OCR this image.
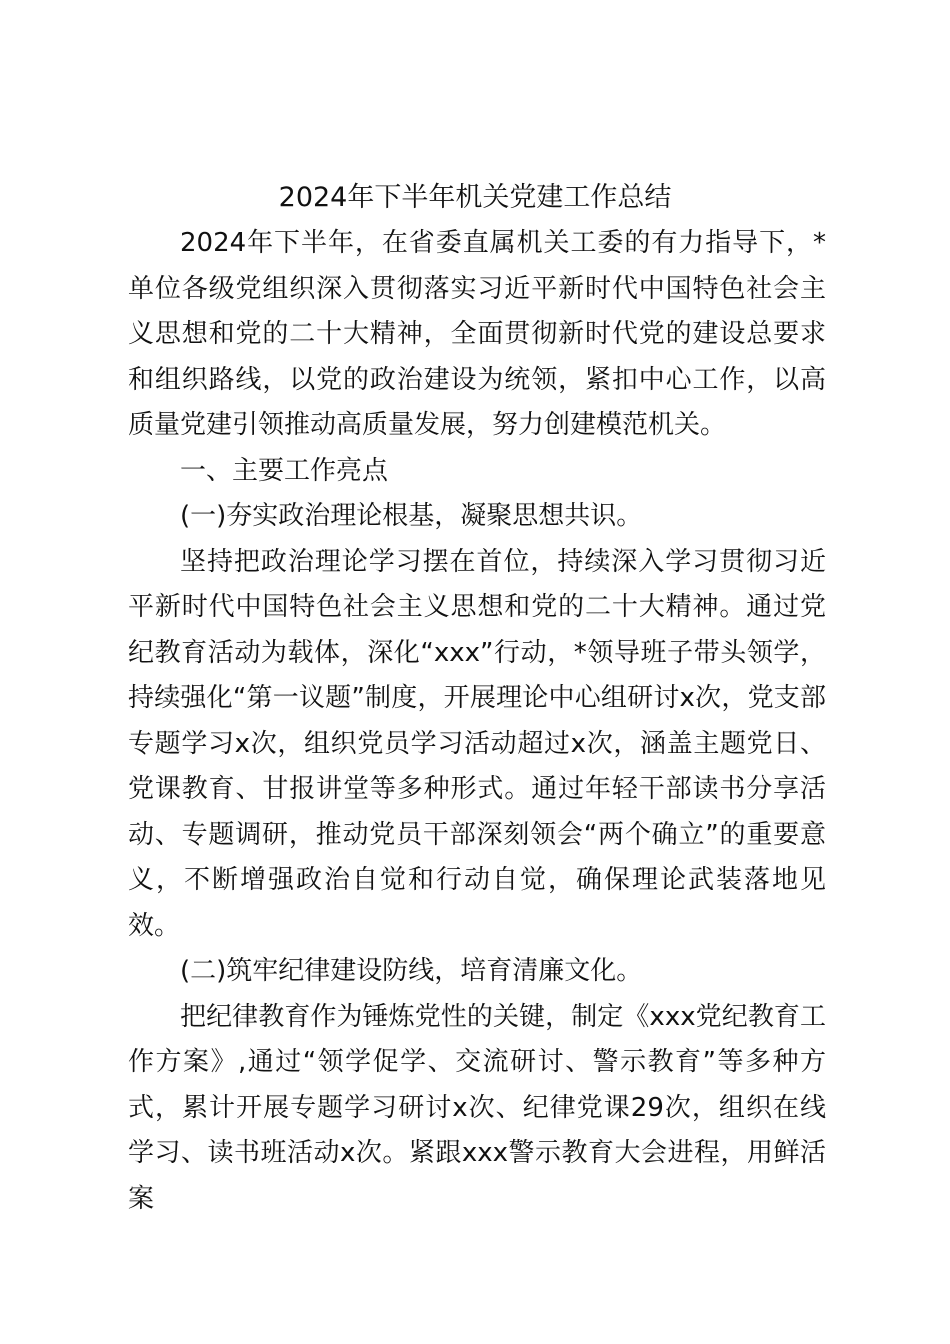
2024年下半年机关党建工作总结

2024年下半年，在省委直属机关工委的有力指导下，*单位各级党组织深入贯彻落实习近平新时代中国特色社会主义思想和党的二十大精神，全面贯彻新时代党的建设总要求和组织路线，以党的政治建设为统领，紧扣中心工作，以高质量党建引领推动高质量发展，努力创建模范机关。

一、主要工作亮点

(一)夯实政治理论根基，凝聚思想共识。

坚持把政治理论学习摆在首位，持续深入学习贯彻习近平新时代中国特色社会主义思想和党的二十大精神。通过党纪教育活动为载体，深化“xxx”行动，*领导班子带头领学，持续强化“第一议题”制度，开展理论中心组研讨x次，党支部专题学习x次，组织党员学习活动超过x次，涵盖主题党日、党课教育、甘报讲堂等多种形式。通过年轻干部读书分享活动、专题调研，推动党员干部深刻领会“两个确立”的重要意义，不断增强政治自觉和行动自觉，确保理论武装落地见效。

(二)筑牢纪律建设防线，培育清廉文化。

把纪律教育作为锤炼党性的关键，制定《xxx党纪教育工作方案》,通过“领学促学、交流研讨、警示教育”等多种方式，累计开展专题学习研讨x次、纪律党课29次，组织在线学习、读书班活动x次。紧跟xxx警示教育大会进程，用鲜活案
